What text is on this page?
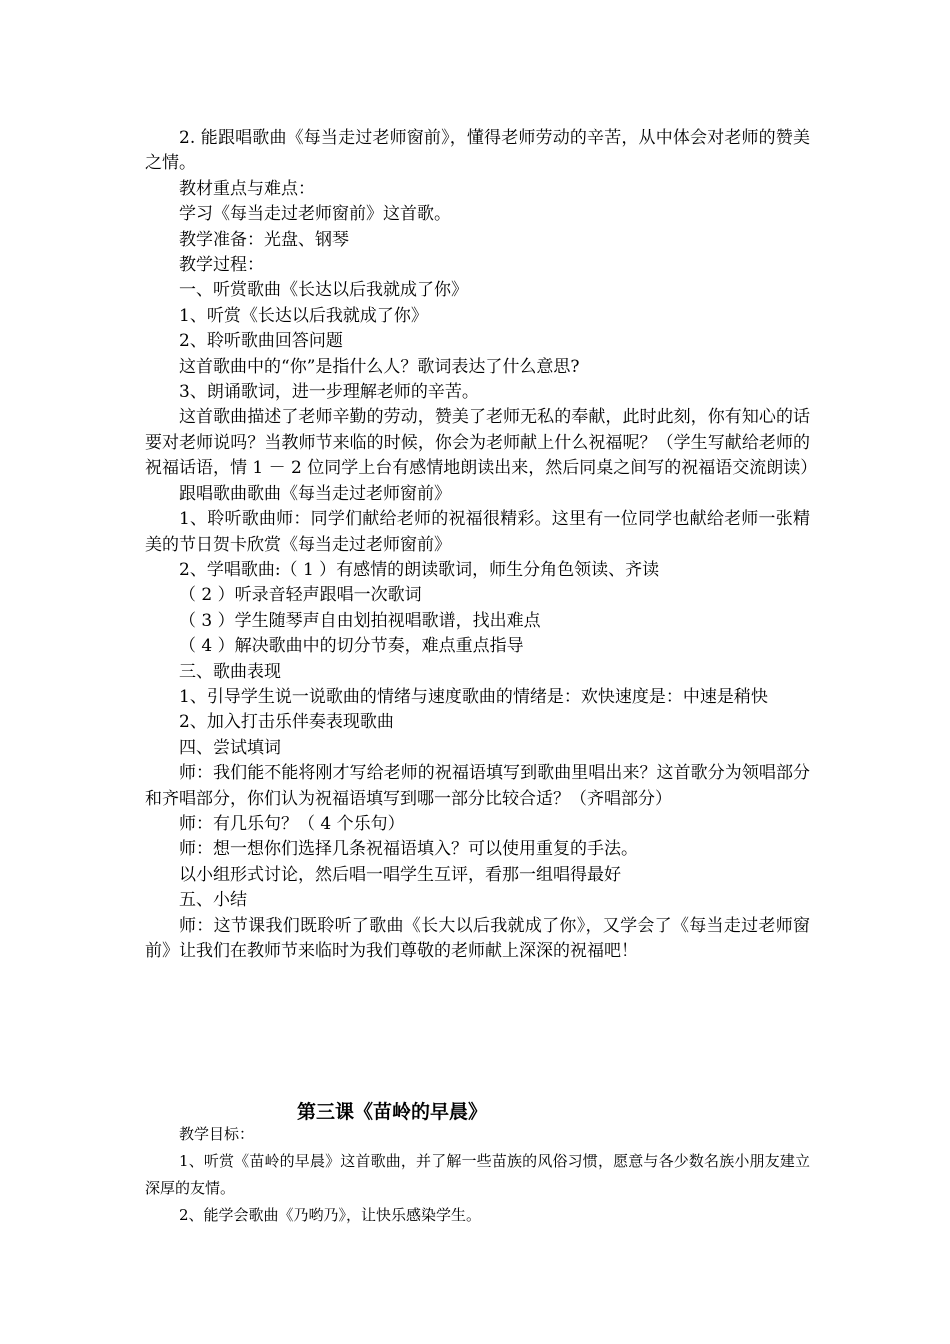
2. 能跟唱歌曲《每当走过老师窗前》，懂得老师劳动的辛苦，从中体会对老师的赞美之情。

教材重点与难点：

学习《每当走过老师窗前》这首歌。

教学准备：光盘、钢琴

教学过程：

一、听赏歌曲《长达以后我就成了你》

1、听赏《长达以后我就成了你》

2、聆听歌曲回答问题

这首歌曲中的“你”是指什么人？歌词表达了什么意思?

3、朗诵歌词，进一步理解老师的辛苦。

这首歌曲描述了老师辛勤的劳动，赞美了老师无私的奉献，此时此刻，你有知心的话要对老师说吗？当教师节来临的时候，你会为老师献上什么祝福呢？（学生写献给老师的祝福话语，情 1 － 2 位同学上台有感情地朗读出来，然后同桌之间写的祝福语交流朗读）

跟唱歌曲歌曲《每当走过老师窗前》

1、聆听歌曲师：同学们献给老师的祝福很精彩。这里有一位同学也献给老师一张精美的节日贺卡欣赏《每当走过老师窗前》

2、学唱歌曲:（ 1 ）有感情的朗读歌词，师生分角色领读、齐读

（ 2 ）听录音轻声跟唱一次歌词

（ 3 ）学生随琴声自由划拍视唱歌谱，找出难点

（ 4 ）解决歌曲中的切分节奏，难点重点指导

三、歌曲表现

1、引导学生说一说歌曲的情绪与速度歌曲的情绪是：欢快速度是：中速是稍快

2、加入打击乐伴奏表现歌曲

四、尝试填词

师：我们能不能将刚才写给老师的祝福语填写到歌曲里唱出来？这首歌分为领唱部分和齐唱部分，你们认为祝福语填写到哪一部分比较合适？（齐唱部分）

师：有几乐句？（ 4 个乐句）

师：想一想你们选择几条祝福语填入？可以使用重复的手法。

以小组形式讨论，然后唱一唱学生互评，看那一组唱得最好

五、小结

师：这节课我们既聆听了歌曲《长大以后我就成了你》，又学会了《每当走过老师窗前》让我们在教师节来临时为我们尊敬的老师献上深深的祝福吧！

第三课《苗岭的早晨》

教学目标：

1、听赏《苗岭的早晨》这首歌曲，并了解一些苗族的风俗习惯，愿意与各少数名族小朋友建立深厚的友情。

2、能学会歌曲《乃哟乃》，让快乐感染学生。
